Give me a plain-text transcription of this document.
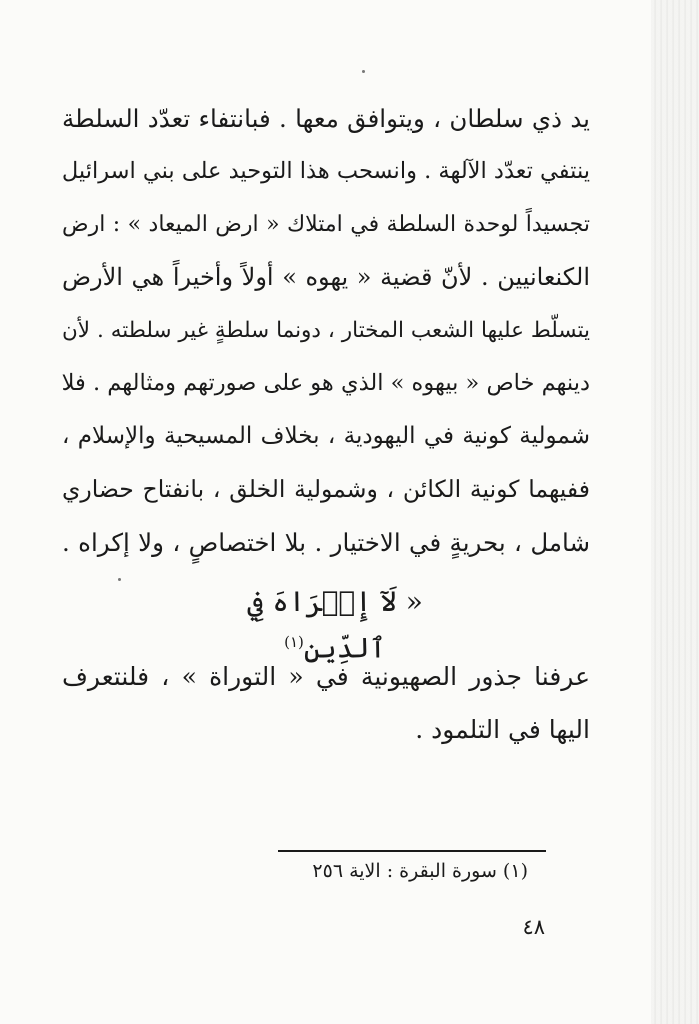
يد ذي سلطان ، ويتوافق معها . فبانتفاء تعدّد السلطة
ينتفي تعدّد الآلهة . وانسحب هذا التوحيد على بني اسرائيل
تجسيداً لوحدة السلطة في امتلاك « ارض الميعاد » : ارض
الكنعانيين . لأنّ قضية « يهوه » أولاً وأخيراً هي الأرض
يتسلّط عليها الشعب المختار ، دونما سلطةٍ غير سلطته . لأن
دينهم خاص « بيهوه » الذي هو على صورتهم ومثالهم . فلا
شمولية كونية في اليهودية ، بخلاف المسيحية والإسلام ،
ففيهما كونية الكائن ، وشمولية الخلق ، بانفتاح حضاري
شامل ، بحريةٍ في الاختيار . بلا اختصاصٍ ، ولا إكراه .
« لَآ إِكۡرَاهَ فِي ٱلدِّينِ$^{(١)}$
عرفنا جذور الصهيونية في « التوراة » ، فلنتعرف
اليها في التلمود .
(١) سورة البقرة : الاية ٢٥٦
٤٨
